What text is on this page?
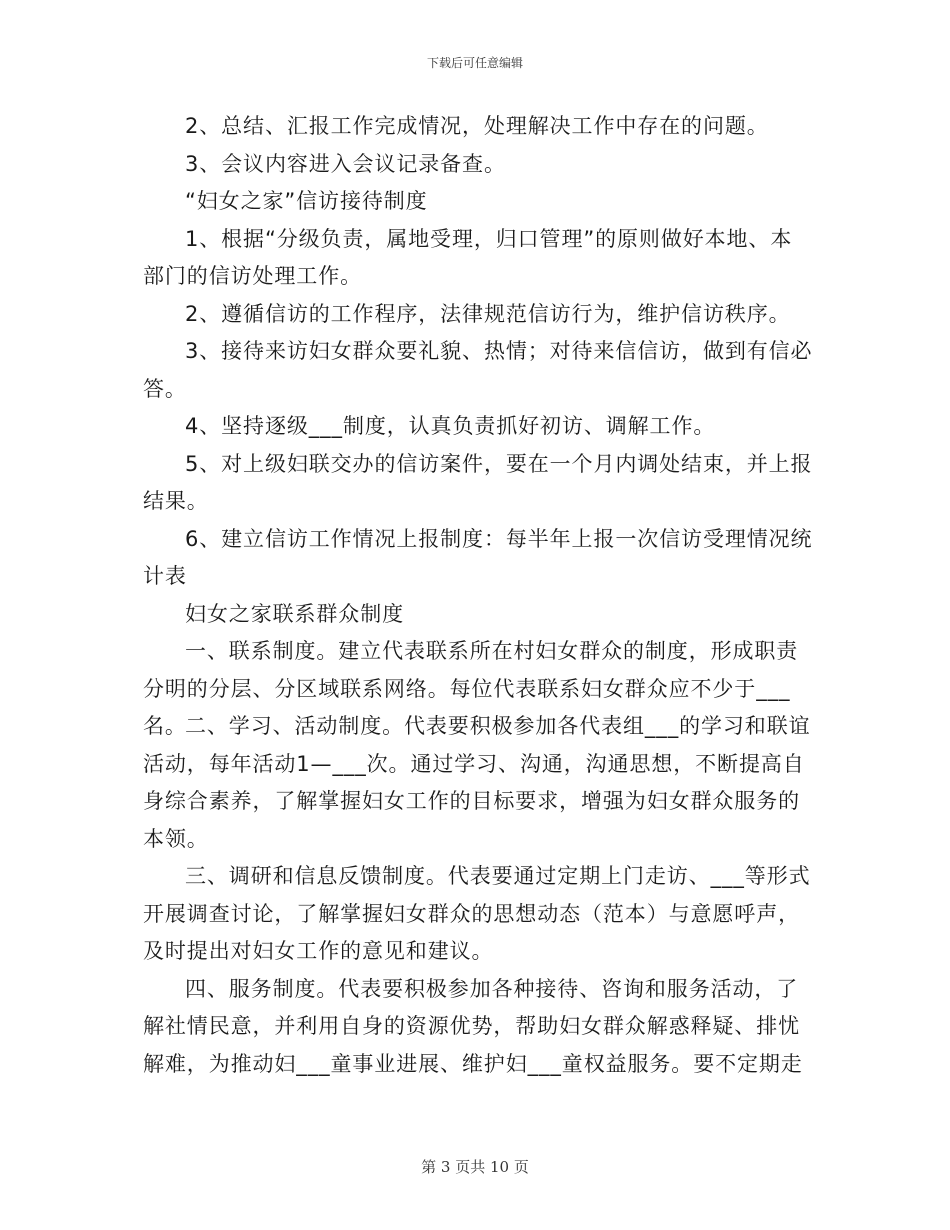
下载后可任意编辑

2、总结、汇报工作完成情况，处理解决工作中存在的问题。

3、会议内容进入会议记录备查。

“妇女之家”信访接待制度

1、根据“分级负责，属地受理，归口管理”的原则做好本地、本部门的信访处理工作。

2、遵循信访的工作程序，法律规范信访行为，维护信访秩序。

3、接待来访妇女群众要礼貌、热情；对待来信信访，做到有信必答。

4、坚持逐级___制度，认真负责抓好初访、调解工作。

5、对上级妇联交办的信访案件，要在一个月内调处结束，并上报结果。

6、建立信访工作情况上报制度：每半年上报一次信访受理情况统计表

妇女之家联系群众制度

一、联系制度。建立代表联系所在村妇女群众的制度，形成职责分明的分层、分区域联系网络。每位代表联系妇女群众应不少于___名。

二、学习、活动制度。代表要积极参加各代表组___的学习和联谊活动，每年活动1—___次。通过学习、沟通，沟通思想，不断提高自身综合素养，了解掌握妇女工作的目标要求，增强为妇女群众服务的本领。

三、调研和信息反馈制度。代表要通过定期上门走访、___等形式开展调查讨论，了解掌握妇女群众的思想动态（范本）与意愿呼声，及时提出对妇女工作的意见和建议。

四、服务制度。代表要积极参加各种接待、咨询和服务活动，了解社情民意，并利用自身的资源优势，帮助妇女群众解惑释疑、排忧解难，为推动妇___童事业进展、维护妇___童权益服务。要不定期走

第 3 页共 10 页
